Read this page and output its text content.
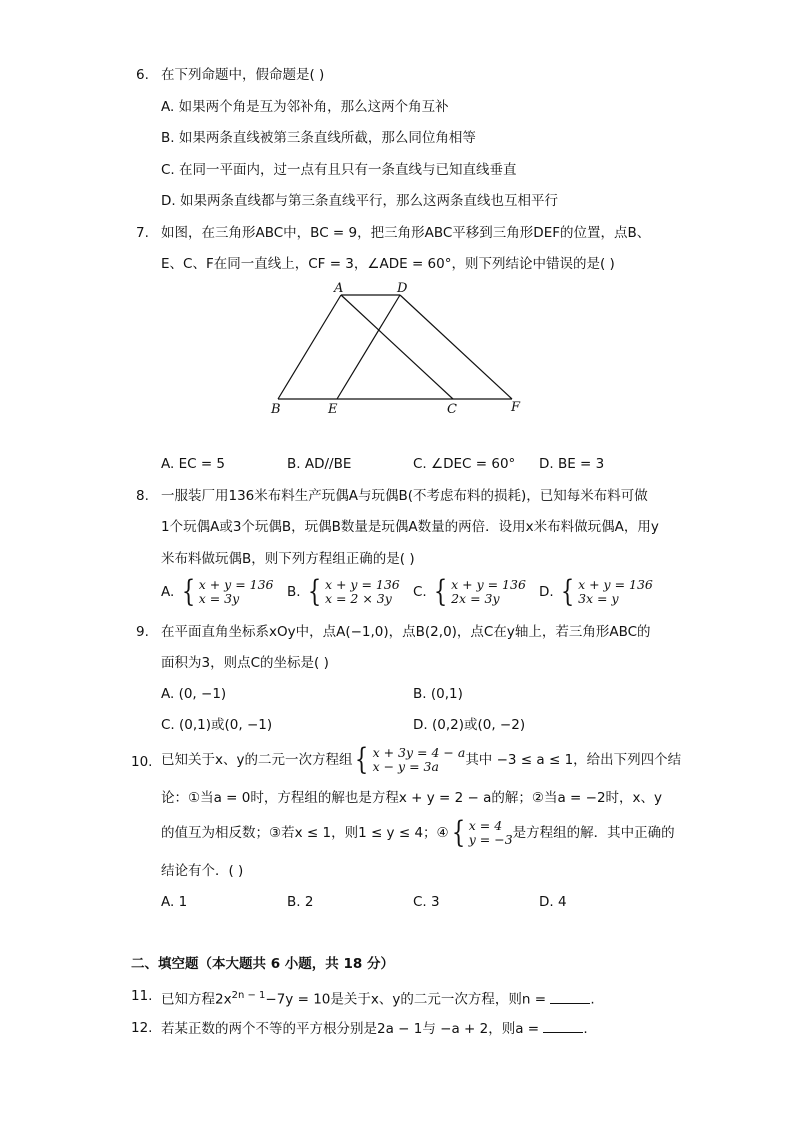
6. 在下列命题中，假命题是( )
A. 如果两个角是互为邻补角，那么这两个角互补
B. 如果两条直线被第三条直线所截，那么同位角相等
C. 在同一平面内，过一点有且只有一条直线与已知直线垂直
D. 如果两条直线都与第三条直线平行，那么这两条直线也互相平行
7. 如图，在三角形ABC中，BC = 9，把三角形ABC平移到三角形DEF的位置，点B、
E、C、F在同一直线上，CF = 3，∠ADE = 60°，则下列结论中错误的是( )
A	D
B	E	C	F
A. EC = 5	B. AD//BE	C. ∠DEC = 60° D. BE = 3
8. 一服装厂用136米布料生产玩偶A与玩偶B(不考虑布料的损耗)，已知每米布料可做
1个玩偶A或3个玩偶B，玩偶B数量是玩偶A数量的两倍．设用x米布料做玩偶A，用y
米布料做玩偶B，则下列方程组正确的是( )
A. { x + y = 136
x = 3y	B. { x + y = 136
x = 2 × 3y	C. { x + y = 136
2x = 3y	D. { x + y = 136
3x = y
9. 在平面直角坐标系xOy中，点A(−1,0)，点B(2,0)，点C在y轴上，若三角形ABC的
面积为3，则点C的坐标是( )
A. (0, −1)	B. (0,1)
C. (0,1)或(0, −1)	D. (0,2)或(0, −2)
10. 已知关于x、y的二元一次方程组 { x + 3y = 4 − a
x − y = 3a	其中 −3 ≤ a ≤ 1，给出下列四个结
论：①当a = 0时，方程组的解也是方程x + y = 2 − a的解；②当a = −2时，x、y
的值互为相反数；③若x ≤ 1，则1 ≤ y ≤ 4；④ { x = 4
y = −3 是方程组的解．其中正确的
结论有个．( )
A. 1	B. 2	C. 3	D. 4
二、填空题（本大题共 6 小题，共 18 分）
11. 已知方程$2x^{2n - 1}-7y = 10$是关于x、y的二元一次方程，则n =	.
12. 若某正数的两个不等的平方根分别是2a − 1与 −a + 2，则a =	.
